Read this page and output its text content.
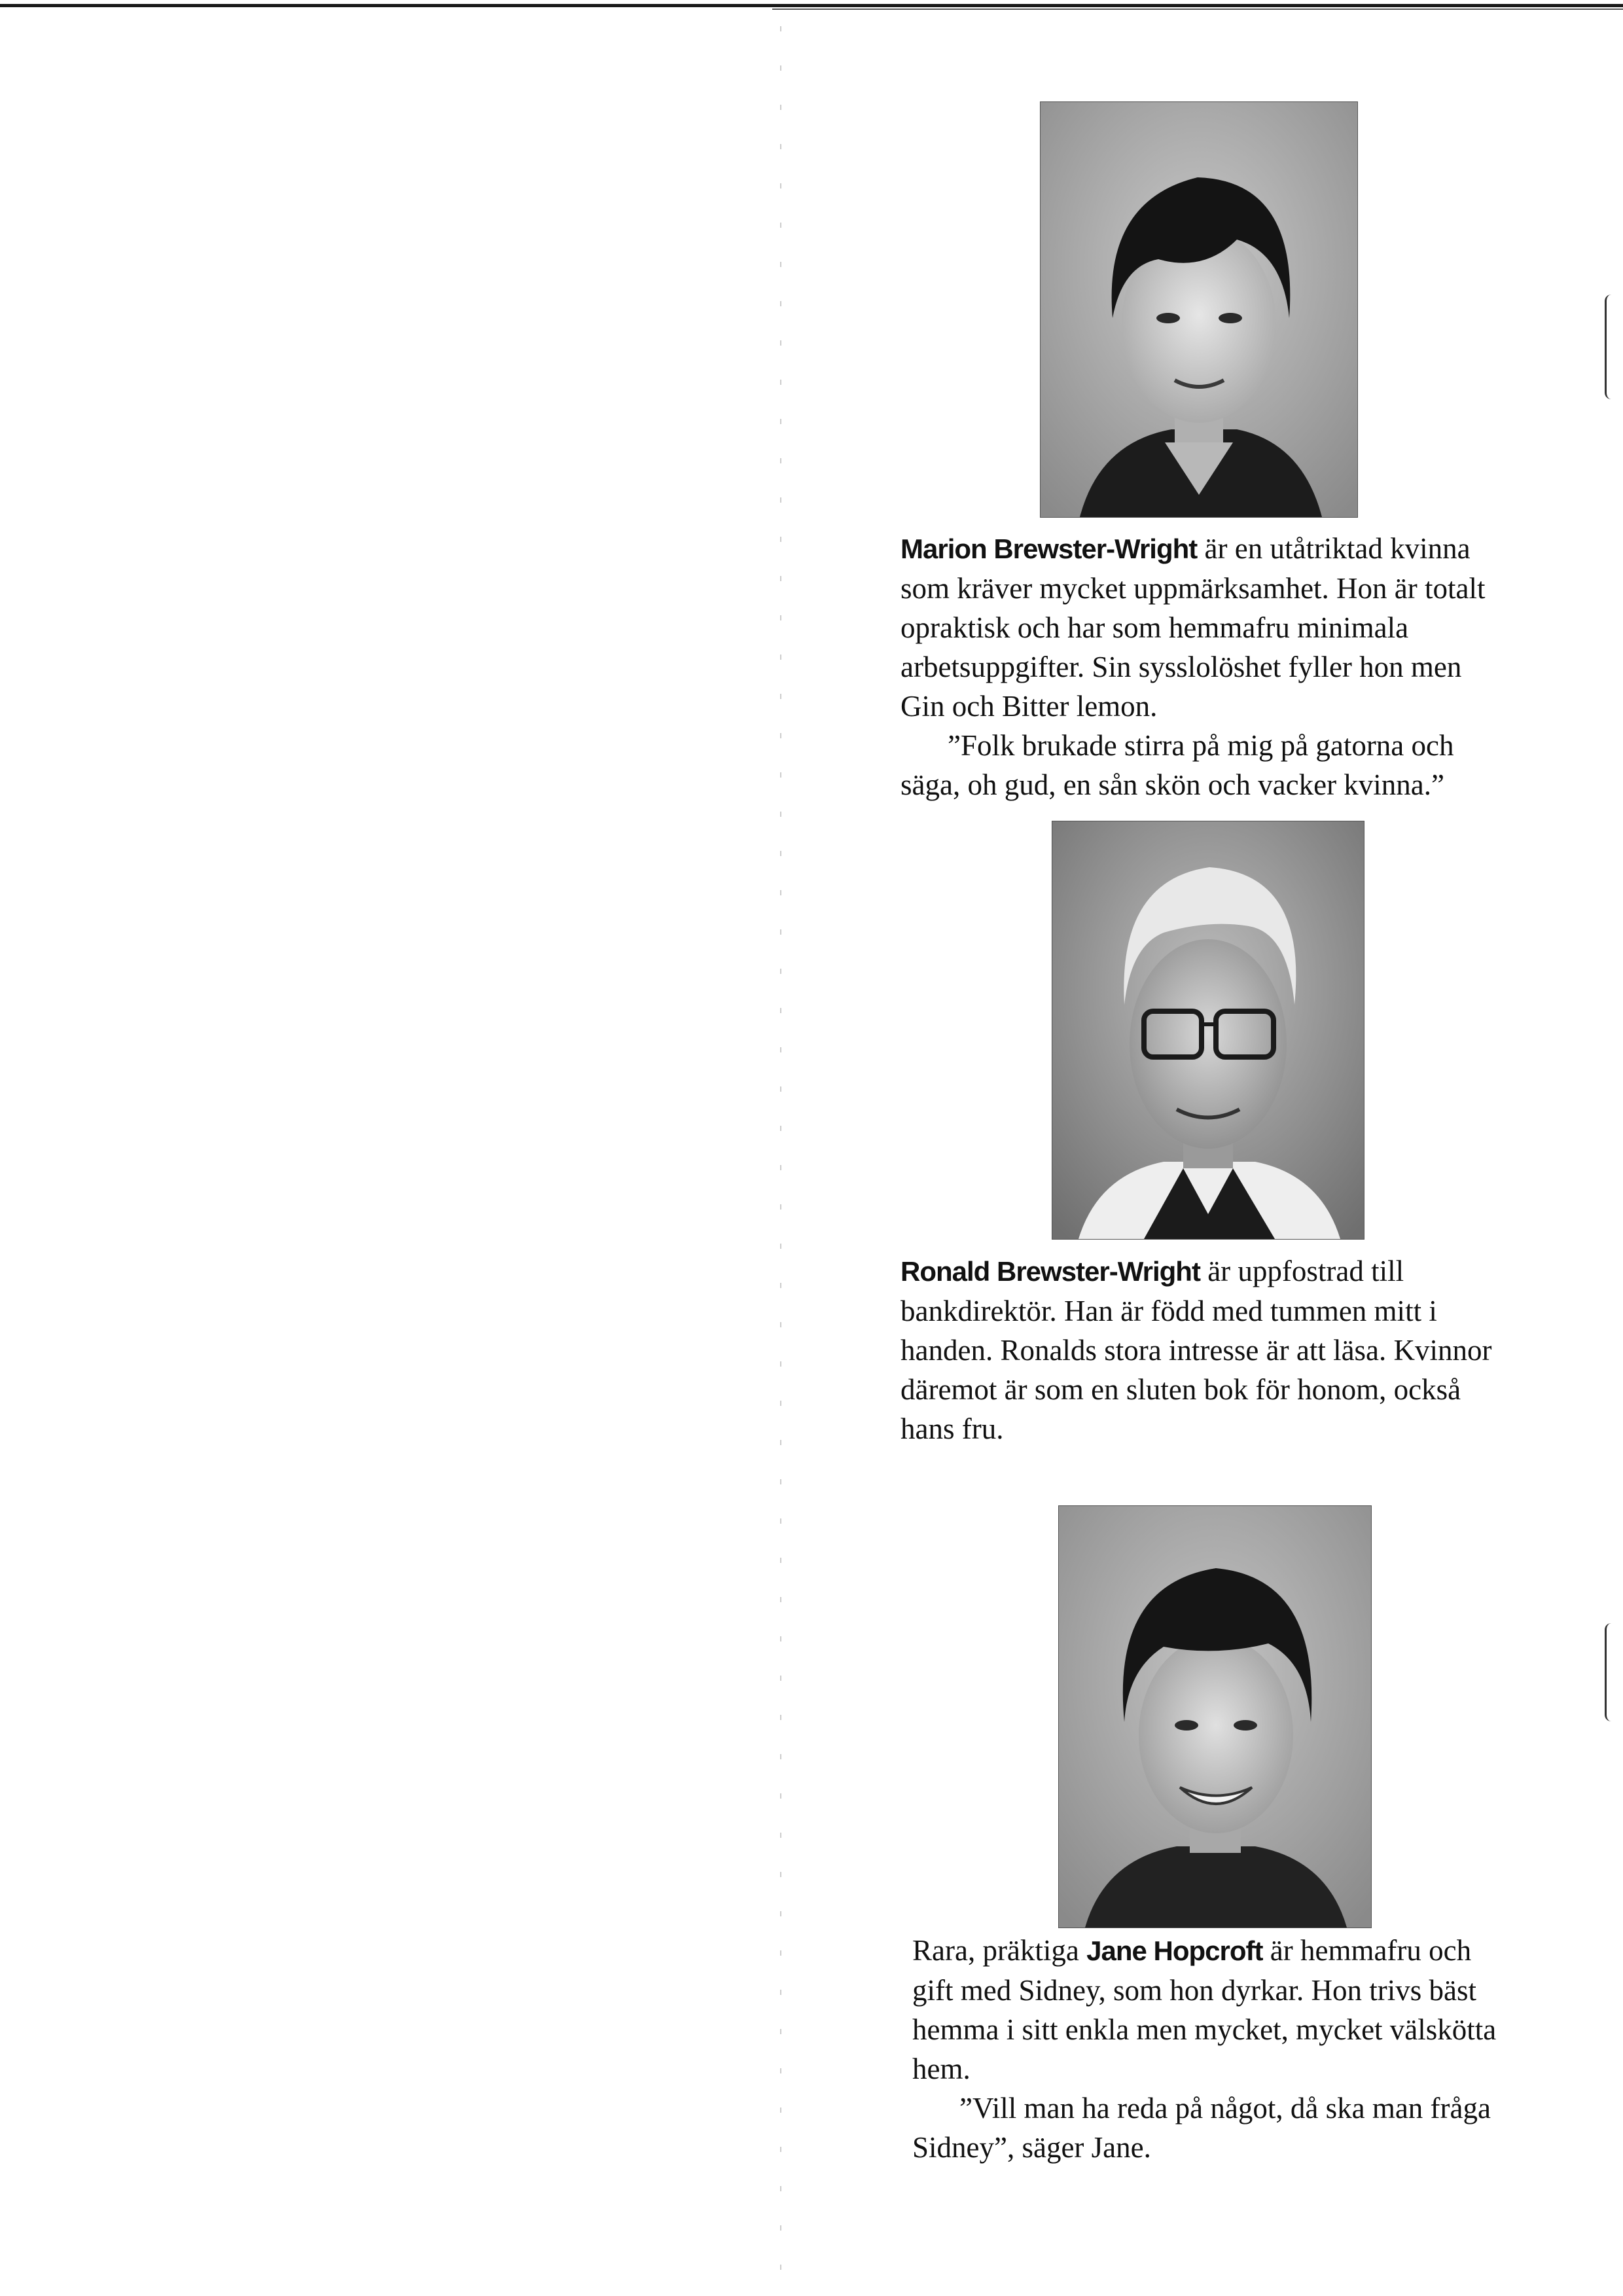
Marion Brewster-Wright är en utåtriktad kvinna som kräver mycket uppmärksamhet. Hon är totalt opraktisk och har som hemmafru minimala arbetsuppgifter. Sin sysslolöshet fyller hon men Gin och Bitter lemon.

”Folk brukade stirra på mig på gatorna och säga, oh gud, en sån skön och vacker kvinna.”

Ronald Brewster-Wright är uppfostrad till bankdirektör. Han är född med tummen mitt i handen. Ronalds stora intresse är att läsa. Kvinnor däremot är som en sluten bok för honom, också hans fru.

Rara, präktiga Jane Hopcroft är hemmafru och gift med Sidney, som hon dyrkar. Hon trivs bäst hemma i sitt enkla men mycket, mycket välskötta hem.

”Vill man ha reda på något, då ska man fråga Sidney”, säger Jane.
